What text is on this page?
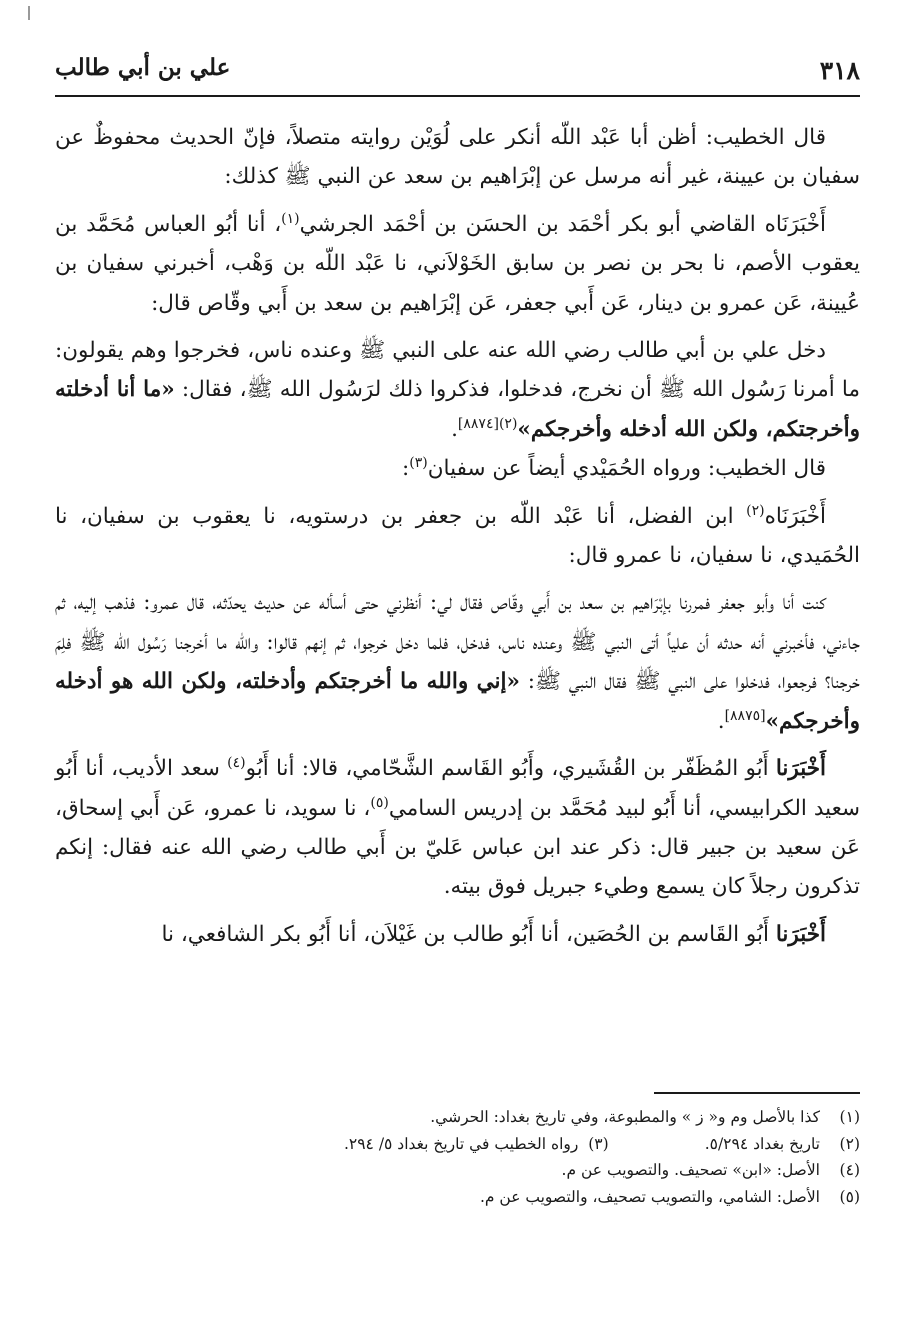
٣١٨
علي بن أبي طالب

قال الخطيب: أظن أبا عَبْد اللّه أنكر على لُوَيْن روايته متصلاً، فإنّ الحديث محفوظٌ عن سفيان بن عيينة، غير أنه مرسل عن إبْرَاهيم بن سعد عن النبي ﷺ كذلك:

أَخْبَرَنَاه القاضي أبو بكر أحْمَد بن الحسَن بن أحْمَد الجرشي$^{(١)}$، أنا أبُو العباس مُحَمَّد بن يعقوب الأصم، نا بحر بن نصر بن سابق الخَوْلاَني، نا عَبْد اللّه بن وَهْب، أخبرني سفيان بن عُيينة، عَن عمرو بن دينار، عَن أَبي جعفر، عَن إبْرَاهيم بن سعد بن أَبي وقّاص قال:

دخل علي بن أبي طالب رضي الله عنه على النبي ﷺ وعنده ناس، فخرجوا وهم يقولون: ما أمرنا رَسُول الله ﷺ أن نخرج، فدخلوا، فذكروا ذلك لرَسُول الله ﷺ، فقال: «ما أنا أدخلته وأخرجتكم، ولكن الله أدخله وأخرجكم»$^{(٢)[٨٨٧٤]}$.

قال الخطيب: ورواه الحُمَيْدي أيضاً عن سفيان$^{(٣)}$:

أَخْبَرَنَاه$^{(٢)}$ ابن الفضل، أنا عَبْد اللّه بن جعفر بن درستويه، نا يعقوب بن سفيان، نا الحُمَيدي، نا سفيان، نا عمرو قال:

كنت أنا وأبو جعفر فمررنا بإبْرَاهيم بن سعد بن أَبي وقّاص فقال لي: أنظرني حتى أسأله عن حديث يحدّثه، قال عمرو: فذهب إليه، ثم جاءني، فأخبرني أنه حدثه أن علياً أتى النبي ﷺ وعنده ناس، فدخل، فلما دخل خرجوا، ثم إنهم قالوا: والله ما أخرجنا رَسُول الله ﷺ فلِمَ خرجنا؟ فرجعوا، فدخلوا على النبي ﷺ فقال النبي ﷺ: «إني والله ما أخرجتكم وأدخلته، ولكن الله هو أدخله وأخرجكم»[٨٨٧٥].

أَخْبَرَنا أَبُو المُظَفّر بن القُشَيري، وأَبُو القَاسم الشَّحّامي، قالا: أنا أَبُو$^{(٤)}$ سعد الأديب، أنا أَبُو سعيد الكرابيسي، أنا أَبُو لبيد مُحَمَّد بن إدريس السامي$^{(٥)}$، نا سويد، نا عمرو، عَن أَبي إسحاق، عَن سعيد بن جبير قال: ذكر عند ابن عباس عَليّ بن أَبي طالب رضي الله عنه فقال: إنكم تذكرون رجلاً كان يسمع وطيء جبريل فوق بيته.

أَخْبَرَنا أَبُو القَاسم بن الحُصَين، أنا أَبُو طالب بن غَيْلاَن، أنا أَبُو بكر الشافعي، نا

(١)كذا بالأصل وم و« ز » والمطبوعة، وفي تاريخ بغداد: الحرشي.

(٢)تاريخ بغداد ٥/٢٩٤.(٣)  رواه الخطيب في تاريخ بغداد ٥/ ٢٩٤.

(٤)الأصل: «ابن» تصحيف. والتصويب عن م.

(٥)الأصل: الشامي، والتصويب تصحيف، والتصويب عن م.
